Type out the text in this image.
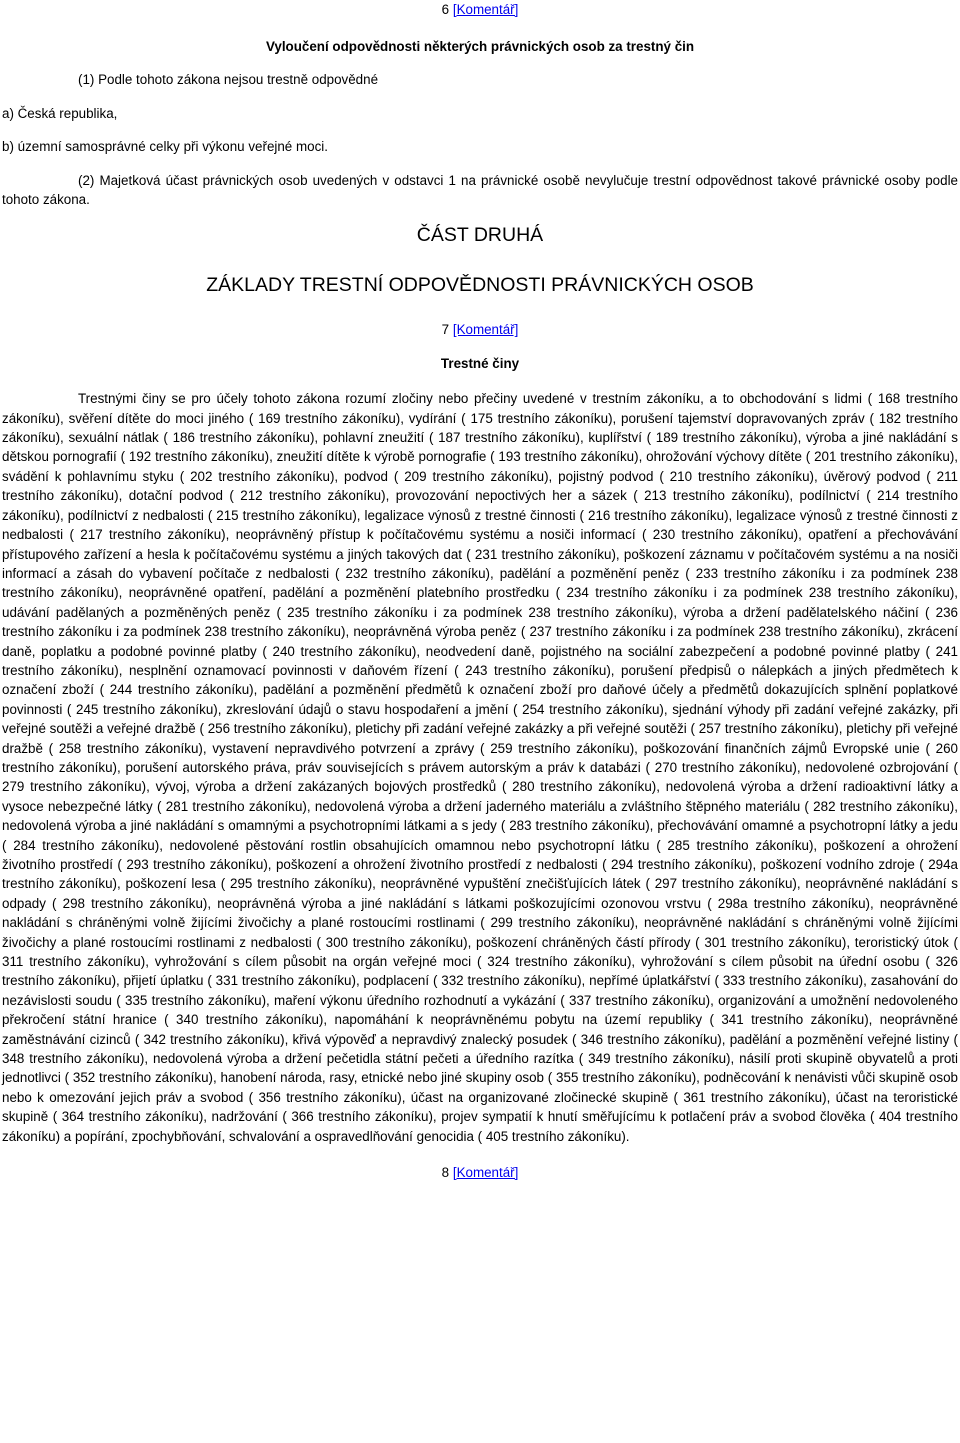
6 [Komentář]

Vyloučení odpovědnosti některých právnických osob za trestný čin

(1) Podle tohoto zákona nejsou trestně odpovědné

a) Česká republika,

b) územní samosprávné celky při výkonu veřejné moci.

(2) Majetková účast právnických osob uvedených v odstavci 1 na právnické osobě nevylučuje trestní odpovědnost takové právnické osoby podle tohoto zákona.

ČÁST DRUHÁ

ZÁKLADY TRESTNÍ ODPOVĚDNOSTI PRÁVNICKÝCH OSOB

7 [Komentář]

Trestné činy

Trestnými činy se pro účely tohoto zákona rozumí zločiny nebo přečiny uvedené v trestním zákoníku, a to obchodování s lidmi ( 168 trestního zákoníku), svěření dítěte do moci jiného ( 169 trestního zákoníku), vydírání ( 175 trestního zákoníku), porušení tajemství dopravovaných zpráv ( 182 trestního zákoníku), sexuální nátlak ( 186 trestního zákoníku), pohlavní zneužití ( 187 trestního zákoníku), kuplířství ( 189 trestního zákoníku), výroba a jiné nakládání s dětskou pornografií ( 192 trestního zákoníku), zneužití dítěte k výrobě pornografie ( 193 trestního zákoníku), ohrožování výchovy dítěte ( 201 trestního zákoníku), svádění k pohlavnímu styku ( 202 trestního zákoníku), podvod ( 209 trestního zákoníku), pojistný podvod ( 210 trestního zákoníku), úvěrový podvod ( 211 trestního zákoníku), dotační podvod ( 212 trestního zákoníku), provozování nepoctivých her a sázek ( 213 trestního zákoníku), podílnictví ( 214 trestního zákoníku), podílnictví z nedbalosti ( 215 trestního zákoníku), legalizace výnosů z trestné činnosti ( 216 trestního zákoníku), legalizace výnosů z trestné činnosti z nedbalosti ( 217 trestního zákoníku), neoprávněný přístup k počítačovému systému a nosiči informací ( 230 trestního zákoníku), opatření a přechovávání přístupového zařízení a hesla k počítačovému systému a jiných takových dat ( 231 trestního zákoníku), poškození záznamu v počítačovém systému a na nosiči informací a zásah do vybavení počítače z nedbalosti ( 232 trestního zákoníku), padělání a pozměnění peněz ( 233 trestního zákoníku i za podmínek 238 trestního zákoníku), neoprávněné opatření, padělání a pozměnění platebního prostředku ( 234 trestního zákoníku i za podmínek 238 trestního zákoníku), udávání padělaných a pozměněných peněz ( 235 trestního zákoníku i za podmínek 238 trestního zákoníku), výroba a držení padělatelského náčiní ( 236 trestního zákoníku i za podmínek 238 trestního zákoníku), neoprávněná výroba peněz ( 237 trestního zákoníku i za podmínek 238 trestního zákoníku), zkrácení daně, poplatku a podobné povinné platby ( 240 trestního zákoníku), neodvedení daně, pojistného na sociální zabezpečení a podobné povinné platby ( 241 trestního zákoníku), nesplnění oznamovací povinnosti v daňovém řízení ( 243 trestního zákoníku), porušení předpisů o nálepkách a jiných předmětech k označení zboží ( 244 trestního zákoníku), padělání a pozměnění předmětů k označení zboží pro daňové účely a předmětů dokazujících splnění poplatkové povinnosti ( 245 trestního zákoníku), zkreslování údajů o stavu hospodaření a jmění ( 254 trestního zákoníku), sjednání výhody při zadání veřejné zakázky, při veřejné soutěži a veřejné dražbě ( 256 trestního zákoníku), pletichy při zadání veřejné zakázky a při veřejné soutěži ( 257 trestního zákoníku), pletichy při veřejné dražbě ( 258 trestního zákoníku), vystavení nepravdivého potvrzení a zprávy ( 259 trestního zákoníku), poškozování finančních zájmů Evropské unie ( 260 trestního zákoníku), porušení autorského práva, práv souvisejících s právem autorským a práv k databázi ( 270 trestního zákoníku), nedovolené ozbrojování ( 279 trestního zákoníku), vývoj, výroba a držení zakázaných bojových prostředků ( 280 trestního zákoníku), nedovolená výroba a držení radioaktivní látky a vysoce nebezpečné látky ( 281 trestního zákoníku), nedovolená výroba a držení jaderného materiálu a zvláštního štěpného materiálu ( 282 trestního zákoníku), nedovolená výroba a jiné nakládání s omamnými a psychotropními látkami a s jedy ( 283 trestního zákoníku), přechovávání omamné a psychotropní látky a jedu ( 284 trestního zákoníku), nedovolené pěstování rostlin obsahujících omamnou nebo psychotropní látku ( 285 trestního zákoníku), poškození a ohrožení životního prostředí ( 293 trestního zákoníku), poškození a ohrožení životního prostředí z nedbalosti ( 294 trestního zákoníku), poškození vodního zdroje ( 294a trestního zákoníku), poškození lesa ( 295 trestního zákoníku), neoprávněné vypuštění znečišťujících látek ( 297 trestního zákoníku), neoprávněné nakládání s odpady ( 298 trestního zákoníku), neoprávněná výroba a jiné nakládání s látkami poškozujícími ozonovou vrstvu ( 298a trestního zákoníku), neoprávněné nakládání s chráněnými volně žijícími živočichy a plané rostoucími rostlinami ( 299 trestního zákoníku), neoprávněné nakládání s chráněnými volně žijícími živočichy a plané rostoucími rostlinami z nedbalosti ( 300 trestního zákoníku), poškození chráněných částí přírody ( 301 trestního zákoníku), teroristický útok ( 311 trestního zákoníku), vyhrožování s cílem působit na orgán veřejné moci ( 324 trestního zákoníku), vyhrožování s cílem působit na úřední osobu ( 326 trestního zákoníku), přijetí úplatku ( 331 trestního zákoníku), podplacení ( 332 trestního zákoníku), nepřímé úplatkářství ( 333 trestního zákoníku), zasahování do nezávislosti soudu ( 335 trestního zákoníku), maření výkonu úředního rozhodnutí a vykázání ( 337 trestního zákoníku), organizování a umožnění nedovoleného překročení státní hranice ( 340 trestního zákoníku), napomáhání k neoprávněnému pobytu na území republiky ( 341 trestního zákoníku), neoprávněné zaměstnávání cizinců ( 342 trestního zákoníku), křivá výpověď a nepravdivý znalecký posudek ( 346 trestního zákoníku), padělání a pozměnění veřejné listiny ( 348 trestního zákoníku), nedovolená výroba a držení pečetidla státní pečeti a úředního razítka ( 349 trestního zákoníku), násilí proti skupině obyvatelů a proti jednotlivci ( 352 trestního zákoníku), hanobení národa, rasy, etnické nebo jiné skupiny osob ( 355 trestního zákoníku), podněcování k nenávisti vůči skupině osob nebo k omezování jejich práv a svobod ( 356 trestního zákoníku), účast na organizované zločinecké skupině ( 361 trestního zákoníku), účast na teroristické skupině ( 364 trestního zákoníku), nadržování ( 366 trestního zákoníku), projev sympatií k hnutí směřujícímu k potlačení práv a svobod člověka ( 404 trestního zákoníku) a popírání, zpochybňování, schvalování a ospravedlňování genocidia ( 405 trestního zákoníku).

8 [Komentář]
